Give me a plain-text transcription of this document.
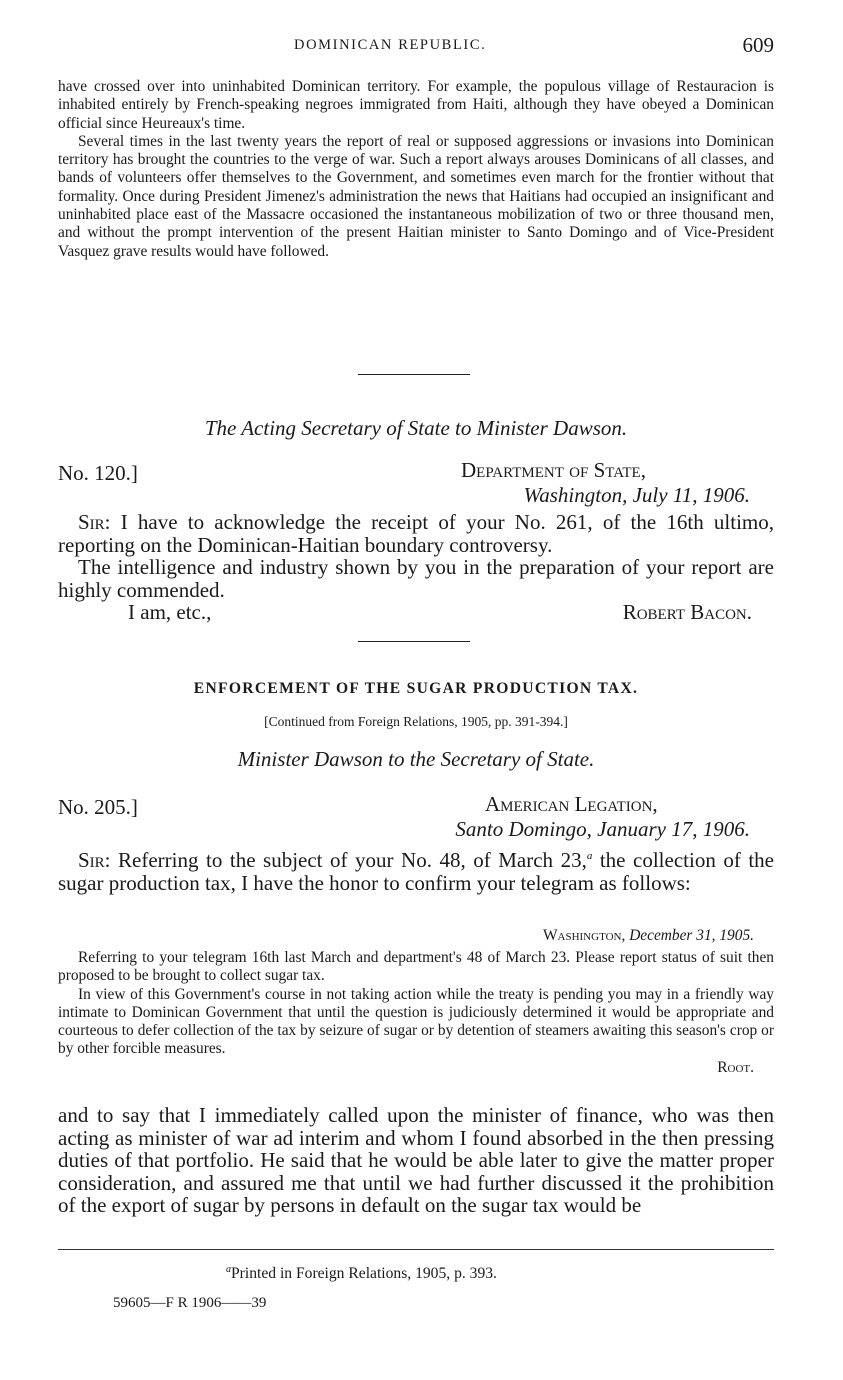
DOMINICAN REPUBLIC.	609

have crossed over into uninhabited Dominican territory. For example, the populous village of Restauracion is inhabited entirely by French-speaking negroes immigrated from Haiti, although they have obeyed a Dominican official since Heureaux's time.

Several times in the last twenty years the report of real or supposed aggressions or invasions into Dominican territory has brought the countries to the verge of war. Such a report always arouses Dominicans of all classes, and bands of volunteers offer themselves to the Government, and sometimes even march for the frontier without that formality. Once during President Jimenez's administration the news that Haitians had occupied an insignificant and uninhabited place east of the Massacre occasioned the instantaneous mobilization of two or three thousand men, and without the prompt intervention of the present Haitian minister to Santo Domingo and of Vice-President Vasquez grave results would have followed.

The Acting Secretary of State to Minister Dawson.
No. 120.]	Department of State,
Washington, July 11, 1906.

Sir: I have to acknowledge the receipt of your No. 261, of the 16th ultimo, reporting on the Dominican-Haitian boundary controversy.

The intelligence and industry shown by you in the preparation of your report are highly commended.

I am, etc.,	Robert Bacon.
ENFORCEMENT OF THE SUGAR PRODUCTION TAX.
[Continued from Foreign Relations, 1905, pp. 391-394.]
Minister Dawson to the Secretary of State.
No. 205.]	American Legation,
Santo Domingo, January 17, 1906.

Sir: Referring to the subject of your No. 48, of March 23,$^a$ the collection of the sugar production tax, I have the honor to confirm your telegram as follows:

Washington, December 31, 1905.

Referring to your telegram 16th last March and department's 48 of March 23. Please report status of suit then proposed to be brought to collect sugar tax.

In view of this Government's course in not taking action while the treaty is pending you may in a friendly way intimate to Dominican Government that until the question is judiciously determined it would be appropriate and courteous to defer collection of the tax by seizure of sugar or by detention of steamers awaiting this season's crop or by other forcible measures.

Root.

and to say that I immediately called upon the minister of finance, who was then acting as minister of war ad interim and whom I found absorbed in the then pressing duties of that portfolio. He said that he would be able later to give the matter proper consideration, and assured me that until we had further discussed it the prohibition of the export of sugar by persons in default on the sugar tax would be

$^a$Printed in Foreign Relations, 1905, p. 393.
59605—F R 1906——39
